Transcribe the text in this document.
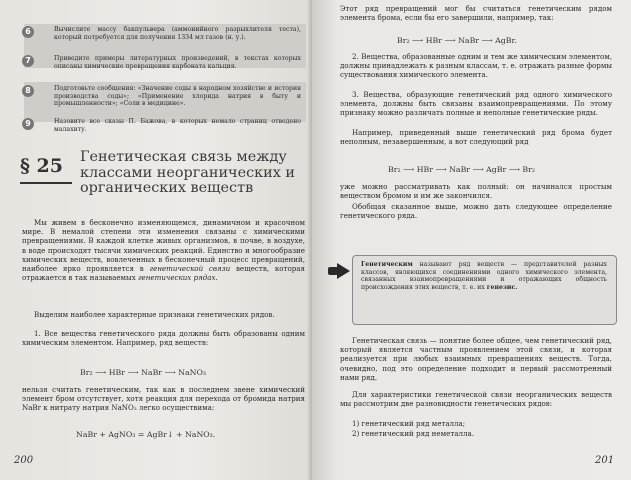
6	Вычислите массу бакпульвера (аммонийного разрыхлителя теста), который потребуется для получения 1334 мл газов (н. у.).
7	Приведите примеры литературных произведений, в текстах которых описаны химические превращения карбоната кальция.
8	Подготовьте сообщения: «Значение соды в народном хозяйстве и история производства соды»; «Применение хлорида натрия в быту и промышленности»; «Соли в медицине».
9	Назовите все сказы П. Бажова, в которых немало страниц отведено малахиту.
§ 25 Генетическая связь между классами неорганических и органических веществ
Мы живем в бесконечно изменяющемся, динамичном и красочном мире. В немалой степени эти изменения связаны с химическими превращениями. В каждой клетке живых организмов, в почве, в воздухе, в воде происходят тысячи химических реакций. Единство и многообразие химических веществ, вовлеченных в бесконечный процесс превращений, наиболее ярко проявляется в генетической связи веществ, которая отражается в так называемых генетических рядах.
Выделим наиболее характерные признаки генетических рядов.
1. Все вещества генетического ряда должны быть образованы одним химическим элементом. Например, ряд веществ:
Br₂ ⟶ HBr ⟶ NaBr ⟶ NaNO₃
нельзя считать генетическим, так как в последнем звене химический элемент бром отсутствует, хотя реакция для перехода от бромида натрия NaBr к нитрату натрия NaNO₃ легко осуществима:
NaBr + AgNO₃ = AgBr↓ + NaNO₃.
200
Этот ряд превращений мог бы считаться генетическим рядом элемента брома, если бы его завершили, например, так:
Br₂ ⟶ HBr ⟶ NaBr ⟶ AgBr.
2. Вещества, образованные одним и тем же химическим элементом, должны принадлежать к разным классам, т. е. отражать разные формы существования химического элемента.
3. Вещества, образующие генетический ряд одного химического элемента, должны быть связаны взаимопревращениями. По этому признаку можно различать полные и неполные генетические ряды.
Например, приведенный выше генетический ряд брома будет неполным, незавершенным, а вот следующий ряд
Br₂ ⟶ HBr ⟶ NaBr ⟶ AgBr ⟶ Br₂
уже можно рассматривать как полный: он начинался простым веществом бромом и им же закончился.
Обобщая сказанное выше, можно дать следующее определение генетического ряда.
Генетическим называют ряд веществ — представителей разных классов, являющихся соединениями одного химического элемента, связанных взаимопревращениями и отражающих общность происхождения этих веществ, т. е. их генезис.
Генетическая связь — понятие более общее, чем генетический ряд, который является частным проявлением этой связи, и которая реализуется при любых взаимных превращениях веществ. Тогда, очевидно, под это определение подходит и первый рассмотренный нами ряд.
Для характеристики генетической связи неорганических веществ мы рассмотрим две разновидности генетических рядов:
1) генетический ряд металла;
2) генетический ряд неметалла.
201
